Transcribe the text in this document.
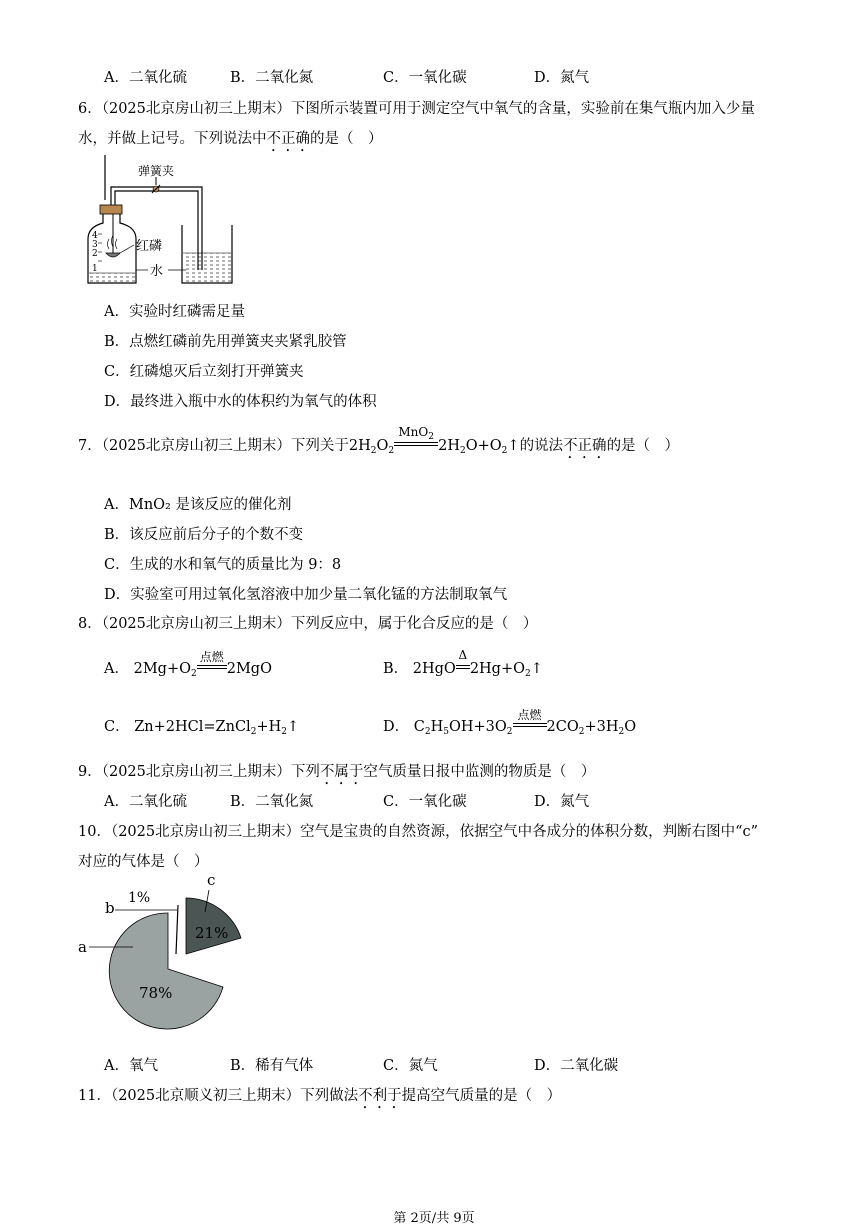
A．二氧化硫	B．二氧化氮	C．一氧化碳	D．氮气
6．（2025北京房山初三上期末）下图所示装置可用于测定空气中氧气的含量，实验前在集气瓶内加入少量
水，并做上记号。下列说法中不正确的是（　）
弹簧夹
4
3
2
1
红磷
水
A．实验时红磷需足量
B．点燃红磷前先用弹簧夹夹紧乳胶管
C．红磷熄灭后立刻打开弹簧夹
D．最终进入瓶中水的体积约为氧气的体积
7．（2025北京房山初三上期末）下列关于$2H_2O_2$
MnO$_2$
$2H_2O+O_2↑$的说法不正确的是（　）
A．MnO₂ 是该反应的催化剂
B．该反应前后分子的个数不变
C．生成的水和氧气的质量比为 9：8
D．实验室可用过氧化氢溶液中加少量二氧化锰的方法制取氧气
8．（2025北京房山初三上期末）下列反应中，属于化合反应的是（　）
A． $2Mg+O_2$
点燃
2MgO	B． 2HgO
Δ
$2Hg+O_2↑$
C． $Zn+2HCl=ZnCl_2+H_2↑$	D． $C_2H_5OH+3O_2$
点燃
$2CO_2+3H_2O$
9．（2025北京房山初三上期末）下列不属于空气质量日报中监测的物质是（　）
A．二氧化硫	B．二氧化氮	C．一氧化碳	D．氮气
10．（2025北京房山初三上期末）空气是宝贵的自然资源，依据空气中各成分的体积分数，判断右图中“c”
对应的气体是（　）
78%
21%
1%
c
b
a
A．氧气	B．稀有气体	C．氮气	D．二氧化碳
11．（2025北京顺义初三上期末）下列做法不利于提高空气质量的是（　）
第 2页/共 9页
